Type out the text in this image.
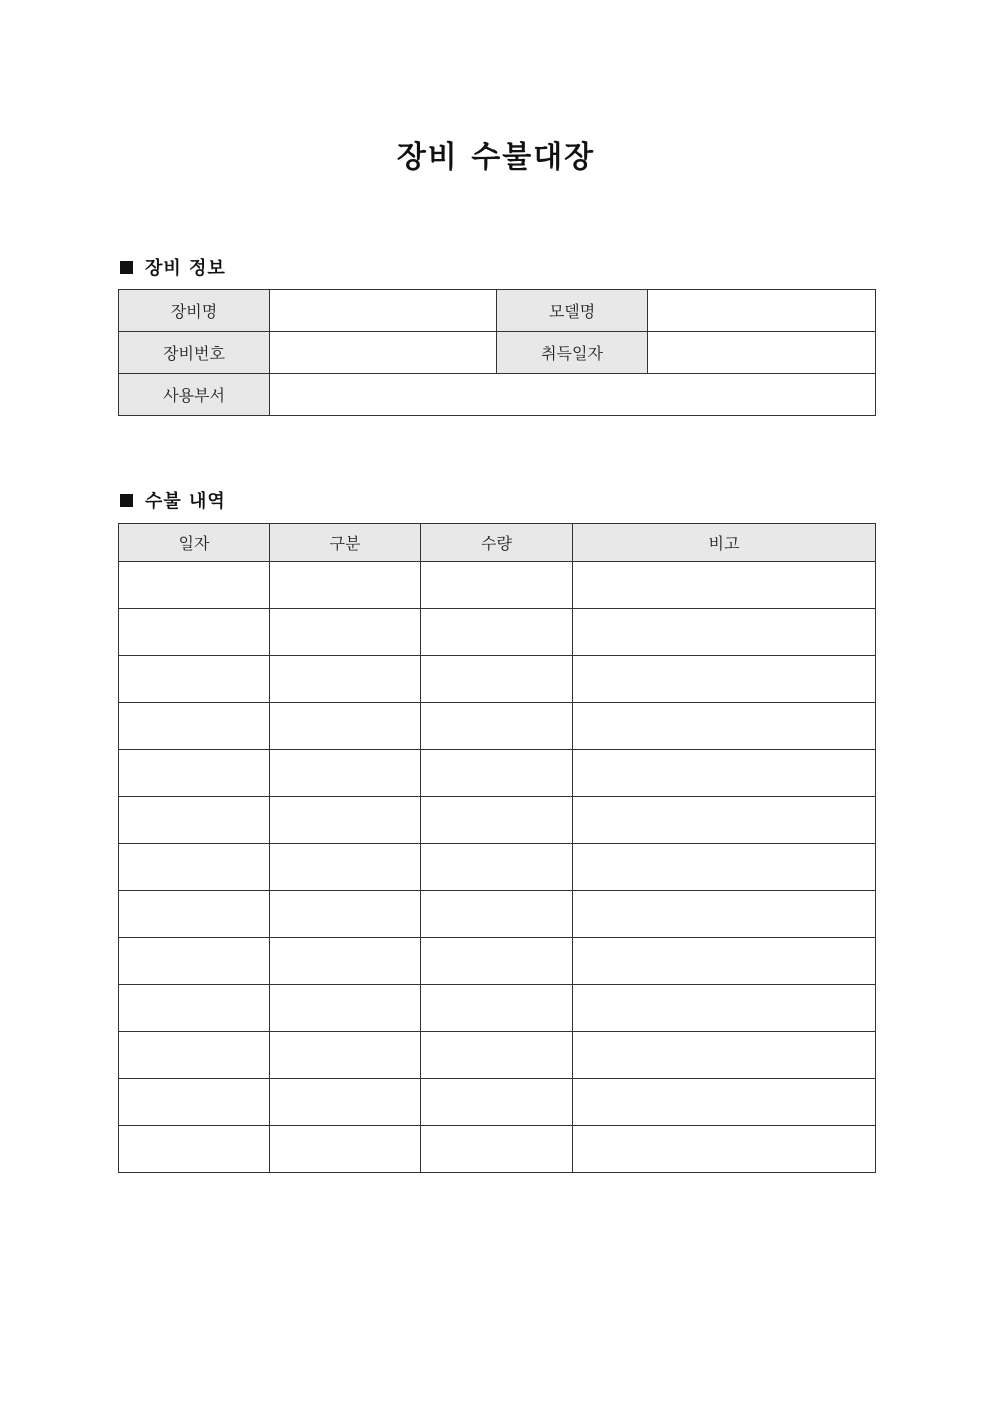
장비 수불대장
장비 정보
장비명		모델명	
장비번호		취득일자	
사용부서			
수불 내역
일자	구분	수량	비고
